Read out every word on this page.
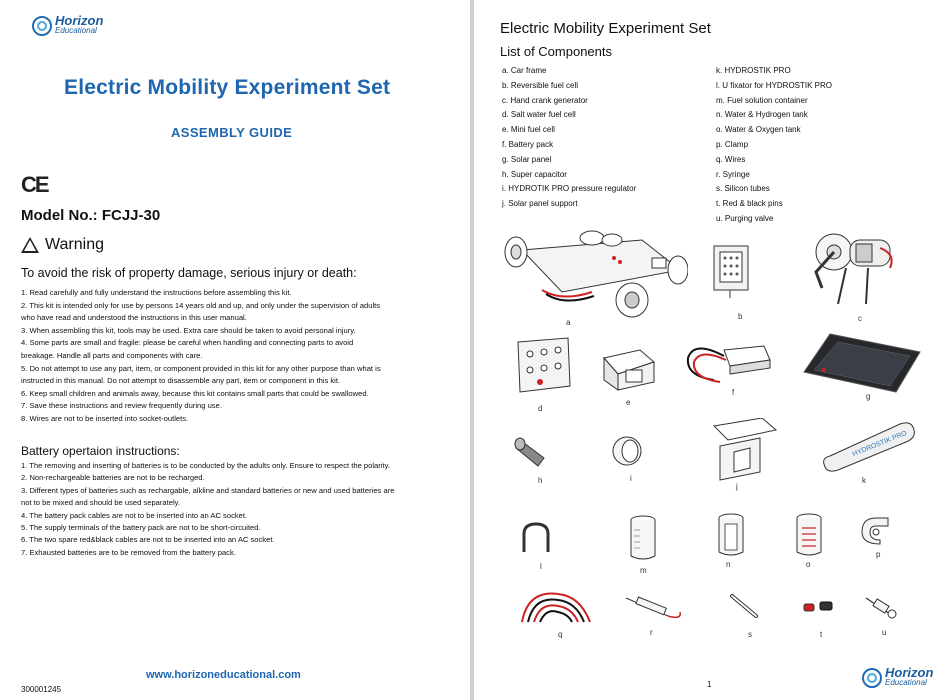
Horizon
Educational
Electric Mobility Experiment Set
ASSEMBLY GUIDE
CE
Model No.: FCJJ-30
Warning
To avoid the risk of property damage, serious injury or death:
1. Read carefully and fully understand the instructions before assembling this kit.
2. This kit is intended only for use by persons 14 years old and up, and only under the supervision of adults
who have read and understood the instructions in this user manual.
3. When assembling this kit, tools may be used. Extra care should be taken to avoid personal injury.
4. Some parts are small and fragile: please be careful when handling and connecting parts to avoid
breakage. Handle all parts and components with care.
5. Do not attempt to use any part, item, or component provided in this kit for any other purpose than what is
instructed in this manual. Do not attempt to disassemble any part, item or component in this kit.
6. Keep small children and animals away, because this kit contains small parts that could be swallowed.
7. Save these instructions and review frequently during use.
8. Wires are not to be inserted into socket-outlets.
Battery opertaion instructions:
1. The removing and inserting of batteries is to be conducted by the adults only. Ensure to respect the polarity.
2. Non-rechargeable batteries are not to be recharged.
3. Different types of batteries such as rechargable, alkline and standard batteries or new and used batteries are
not to be mixed and should be used separately.
4. The battery pack cables are not to be inserted into an AC socket.
5. The supply terminals of the battery pack are not to be short-circuited.
6. The two spare red&black cables are not to be inserted into an AC socket.
7. Exhausted batteries are to be removed from the battery pack.
www.horizoneducational.com
300001245
Electric Mobility Experiment Set
List of Components
a. Car frame
b. Reversible fuel cell
c. Hand crank generator
d. Salt water fuel cell
e. Mini fuel cell
f. Battery pack
g. Solar panel
h. Super capacitor
i. HYDROTIK PRO pressure regulator
j. Solar panel support
k. HYDROSTIK PRO
l. U fixator for HYDROSTIK PRO
m. Fuel solution container
n. Water & Hydrogen tank
o. Water & Oxygen tank
p. Clamp
q. Wires
r. Syringe
s. Silicon tubes
t. Red & black pins
u. Purging valve
a
b	c
d
e
f	g
h	i
j
HYDROSTIK PRO
k
l	m
n	o
p
q	r	s	t	u
1
Horizon
Educational
